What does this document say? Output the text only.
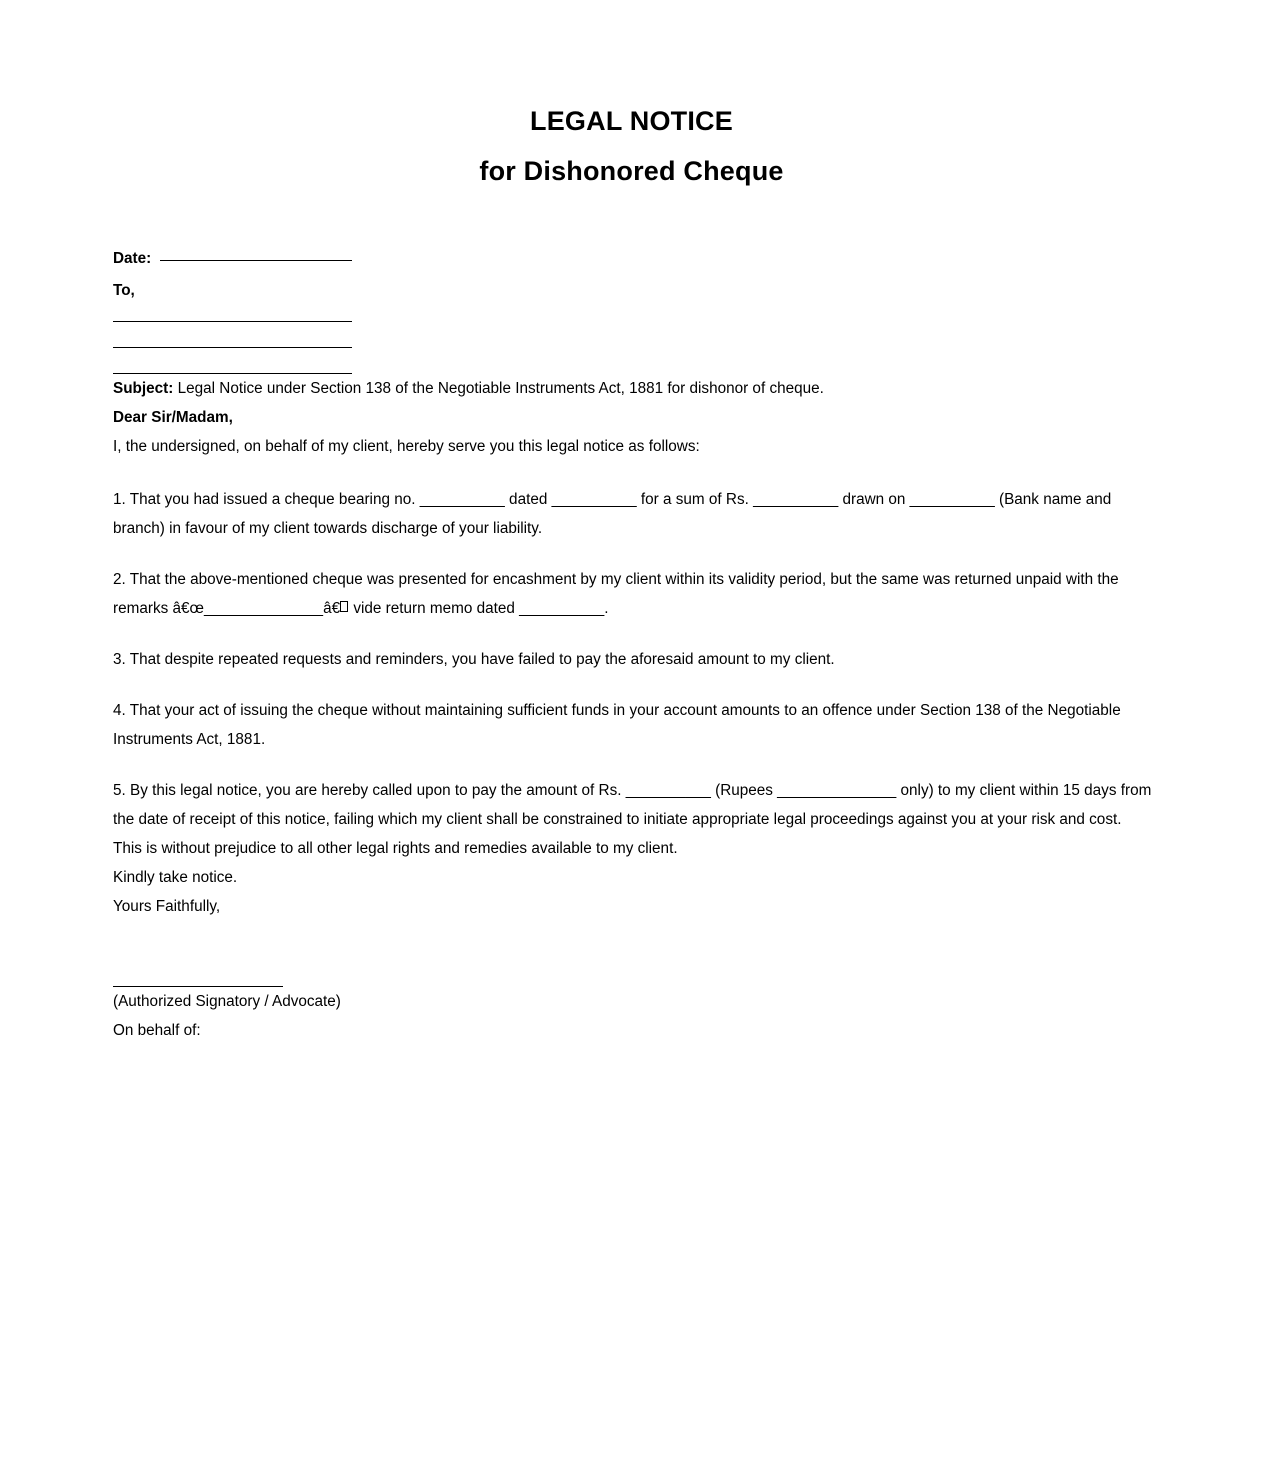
LEGAL NOTICE
for Dishonored Cheque
Date:
To,

Subject: Legal Notice under Section 138 of the Negotiable Instruments Act, 1881 for dishonor of cheque.

Dear Sir/Madam,

I, the undersigned, on behalf of my client, hereby serve you this legal notice as follows:

1. That you had issued a cheque bearing no. __________ dated __________ for a sum of Rs. __________ drawn on __________ (Bank name and branch) in favour of my client towards discharge of your liability.

2. That the above-mentioned cheque was presented for encashment by my client within its validity period, but the same was returned unpaid with the remarks â€œ______________â€ vide return memo dated __________.

3. That despite repeated requests and reminders, you have failed to pay the aforesaid amount to my client.

4. That your act of issuing the cheque without maintaining sufficient funds in your account amounts to an offence under Section 138 of the Negotiable Instruments Act, 1881.

5. By this legal notice, you are hereby called upon to pay the amount of Rs. __________ (Rupees ______________ only) to my client within 15 days from the date of receipt of this notice, failing which my client shall be constrained to initiate appropriate legal proceedings against you at your risk and cost.

This is without prejudice to all other legal rights and remedies available to my client.

Kindly take notice.

Yours Faithfully,

(Authorized Signatory / Advocate)

On behalf of:
